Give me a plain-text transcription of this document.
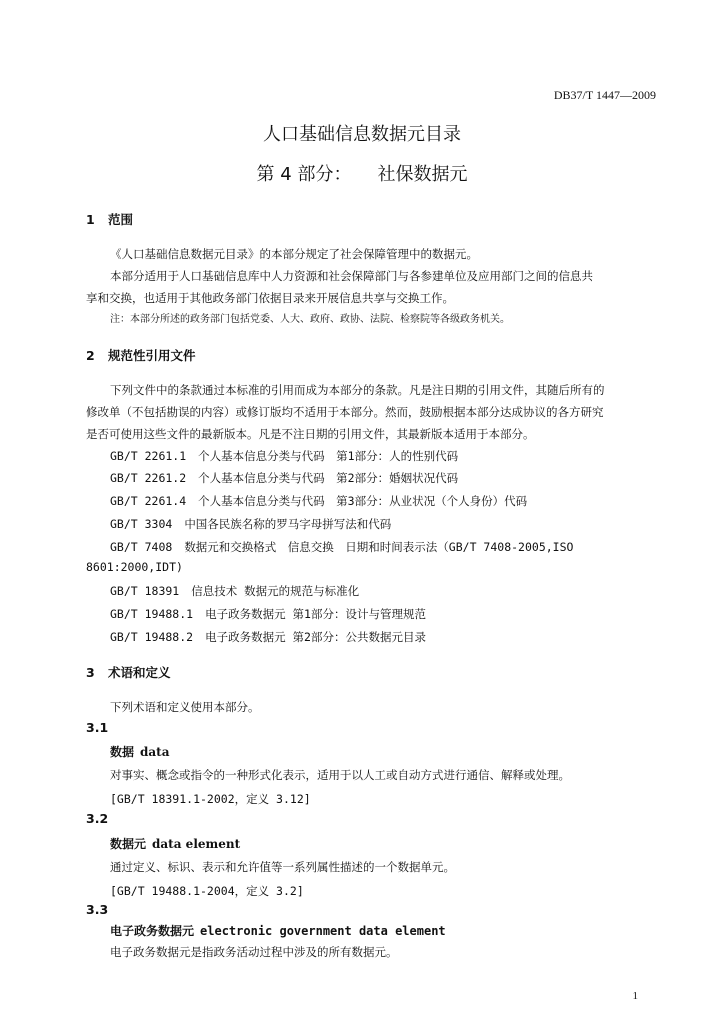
DB37/T 1447—2009
人口基础信息数据元目录
第 4 部分： 社保数据元
1 范围
《人口基础信息数据元目录》的本部分规定了社会保障管理中的数据元。
本部分适用于人口基础信息库中人力资源和社会保障部门与各参建单位及应用部门之间的信息共
享和交换，也适用于其他政务部门依据目录来开展信息共享与交换工作。
注：本部分所述的政务部门包括党委、人大、政府、政协、法院、检察院等各级政务机关。
2 规范性引用文件
下列文件中的条款通过本标准的引用而成为本部分的条款。凡是注日期的引用文件，其随后所有的
修改单（不包括勘误的内容）或修订版均不适用于本部分。然而，鼓励根据本部分达成协议的各方研究
是否可使用这些文件的最新版本。凡是不注日期的引用文件，其最新版本适用于本部分。
GB/T 2261.1 个人基本信息分类与代码　第1部分：人的性别代码
GB/T 2261.2 个人基本信息分类与代码　第2部分：婚姻状况代码
GB/T 2261.4 个人基本信息分类与代码　第3部分：从业状况（个人身份）代码
GB/T 3304 中国各民族名称的罗马字母拼写法和代码
GB/T 7408 数据元和交换格式　信息交换　日期和时间表示法（GB/T 7408-2005,ISO
8601:2000,IDT)
GB/T 18391 信息技术 数据元的规范与标准化
GB/T 19488.1 电子政务数据元 第1部分：设计与管理规范
GB/T 19488.2 电子政务数据元 第2部分：公共数据元目录
3 术语和定义
下列术语和定义使用本部分。
3.1
数据 data
对事实、概念或指令的一种形式化表示，适用于以人工或自动方式进行通信、解释或处理。
[GB/T 18391.1-2002，定义 3.12]
3.2
数据元 data element
通过定义、标识、表示和允许值等一系列属性描述的一个数据单元。
[GB/T 19488.1-2004，定义 3.2]
3.3
电子政务数据元 electronic government data element
电子政务数据元是指政务活动过程中涉及的所有数据元。
1
